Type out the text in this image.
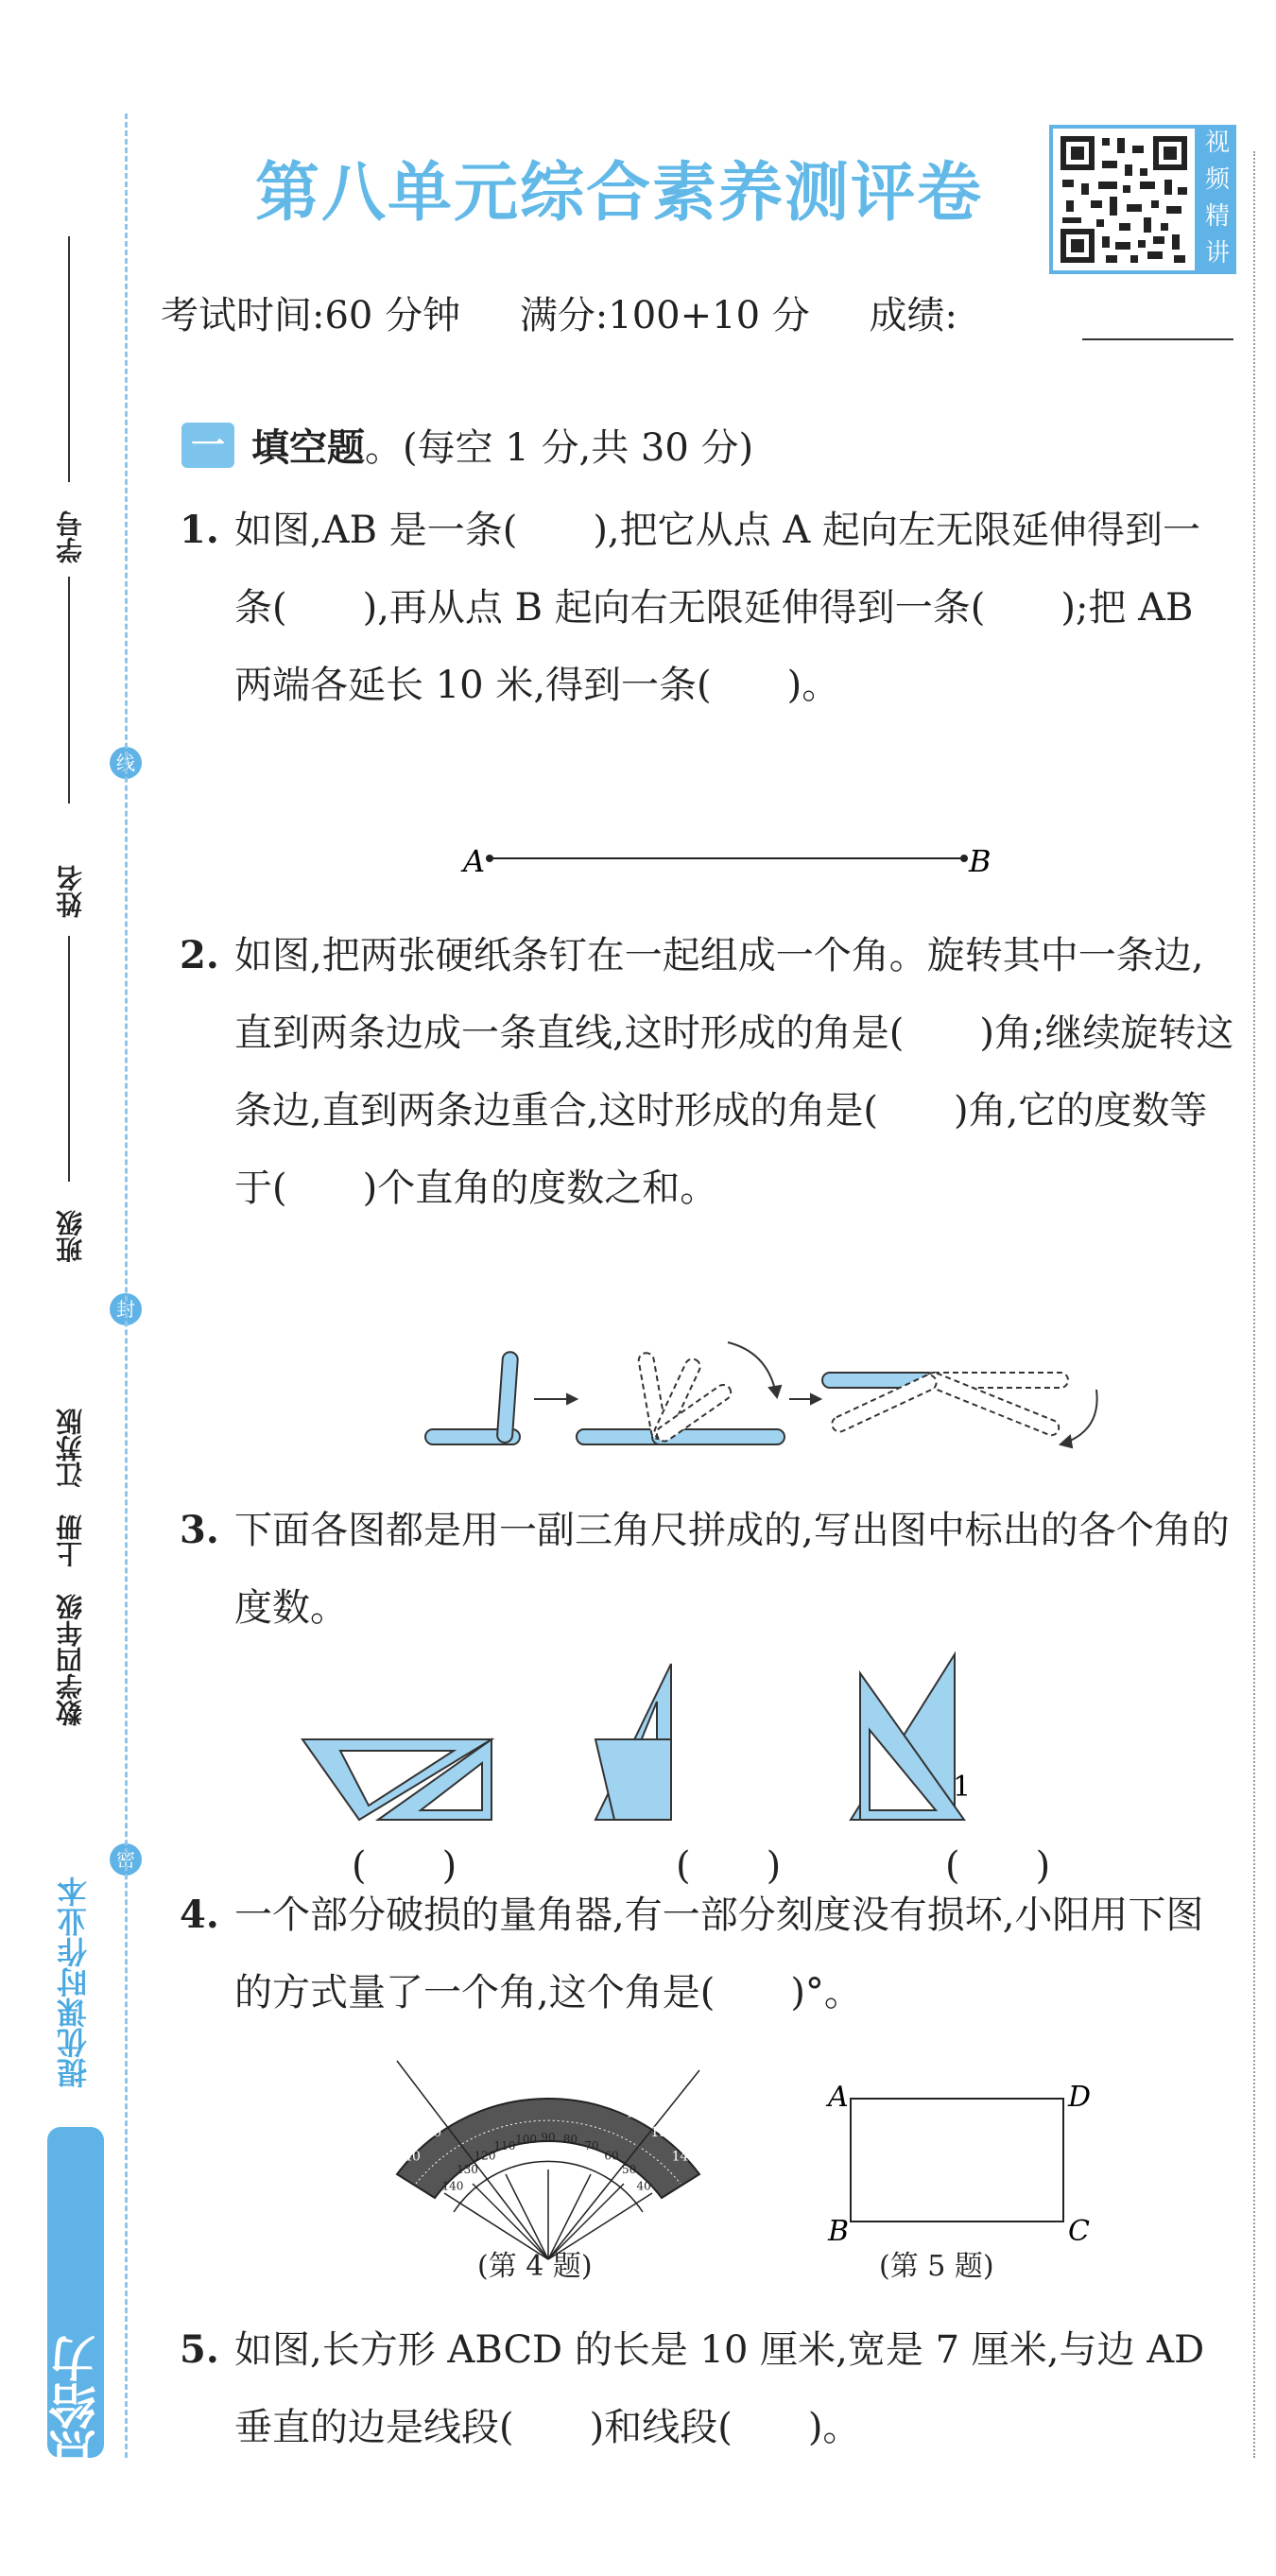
学号
线
姓名
班级
封
数学四年级　上册　江苏版
密
提优课时作业本
亮点给力
第八单元综合素养测评卷
视
频
精
讲
考试时间:60 分钟 满分:100+10 分 成绩:
一 填空题。(每空 1 分,共 30 分)
1. 如图,AB 是一条(　　),把它从点 A 起向左无限延伸得到一条(　　),再从点 B 起向右无限延伸得到一条(　　);把 AB 两端各延长 10 米,得到一条(　　)。
A	B
2. 如图,把两张硬纸条钉在一起组成一个角。旋转其中一条边,直到两条边成一条直线,这时形成的角是(　　)角;继续旋转这条边,直到两条边重合,这时形成的角是(　　)角,它的度数等于(　　)个直角的度数之和。
3. 下面各图都是用一副三角尺拼成的,写出图中标出的各个角的度数。
1
(　　)	(　　)	(　　)
4. 一个部分破损的量角器,有一部分刻度没有损坏,小阳用下图的方式量了一个角,这个角是(　　)°。
40
140
50
130
60
120
70
110
80
100
90
90
100
80
110
70
120
60
130
50
140
40
(第 4 题)
A	D
B	C
(第 5 题)
5. 如图,长方形 ABCD 的长是 10 厘米,宽是 7 厘米,与边 AD 垂直的边是线段(　　)和线段(　　)。
